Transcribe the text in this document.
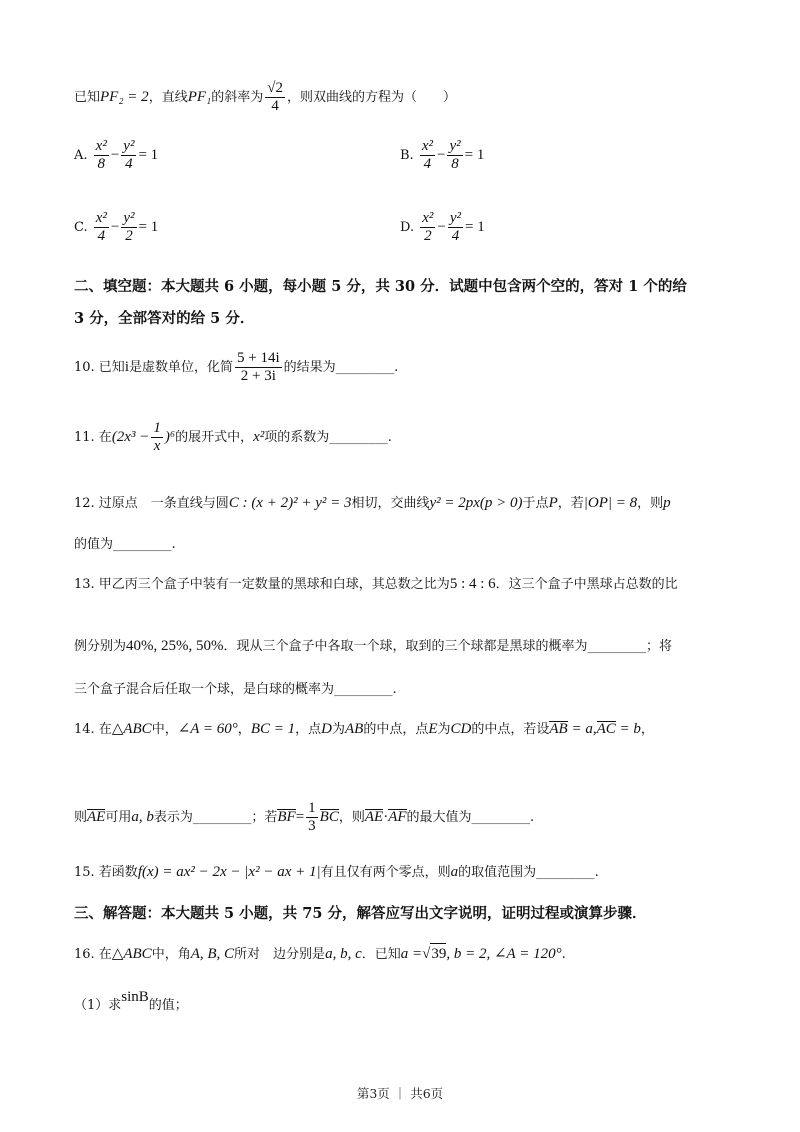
已知PF₂ = 2，直线PF₁的斜率为 $\frac{√2}{4}$ ，则双曲线的方程为（　　）
A. $\frac{\text{x²}}{8} - \frac{\text{y²}}{4} = 1$	B. $\frac{\text{x²}}{4} - \frac{\text{y²}}{8} = 1$
C. $\frac{\text{x²}}{4} - \frac{\text{y²}}{2} = 1$	D. $\frac{\text{x²}}{2} - \frac{\text{y²}}{4} = 1$
二、填空题：本大题共 6 小题，每小题 5 分，共 30 分．试题中包含两个空的，答对 1 个的给
3 分，全部答对的给 5 分．
10. 已知i是虚数单位，化简 $\frac{5 + 14i}{2 + 3i}$ 的结果为_________.
11. 在$(2x^3 - \frac{1}{x} )^6$的展开式中，x²项的系数为_________.
12. 过原点　一条直线与圆C : (x + 2)² + y² = 3相切，交曲线y² = 2px(p > 0)于点P，若|OP| = 8，则p
的值为_________.
13. 甲乙丙三个盒子中装有一定数量的黑球和白球，其总数之比为5 : 4 : 6．这三个盒子中黑球占总数的比
例分别为40%, 25%, 50%．现从三个盒子中各取一个球，取到的三个球都是黑球的概率为_________；将
三个盒子混合后任取一个球，是白球的概率为_________.
14. 在△ABC中，∠A = 60°，BC = 1，点D为AB的中点，点E为CD的中点，若设AB = a,AC = b，
则AE可用a, b表示为_________；若$BF= \frac{1}{3}$ BC，则AE·AF的最大值为_________.
15. 若函数f(x) = ax² − 2x − |x² − ax + 1|有且仅有两个零点，则a的取值范围为_________.
三、解答题：本大题共 5 小题，共 75 分，解答应写出文字说明，证明过程或演算步骤．
16. 在△ABC中，角A, B, C所对　边分别是a, b, c．已知a =√39, b = 2, ∠A = 120°.
（1）求sinB的值；
第3页 ｜ 共6页
